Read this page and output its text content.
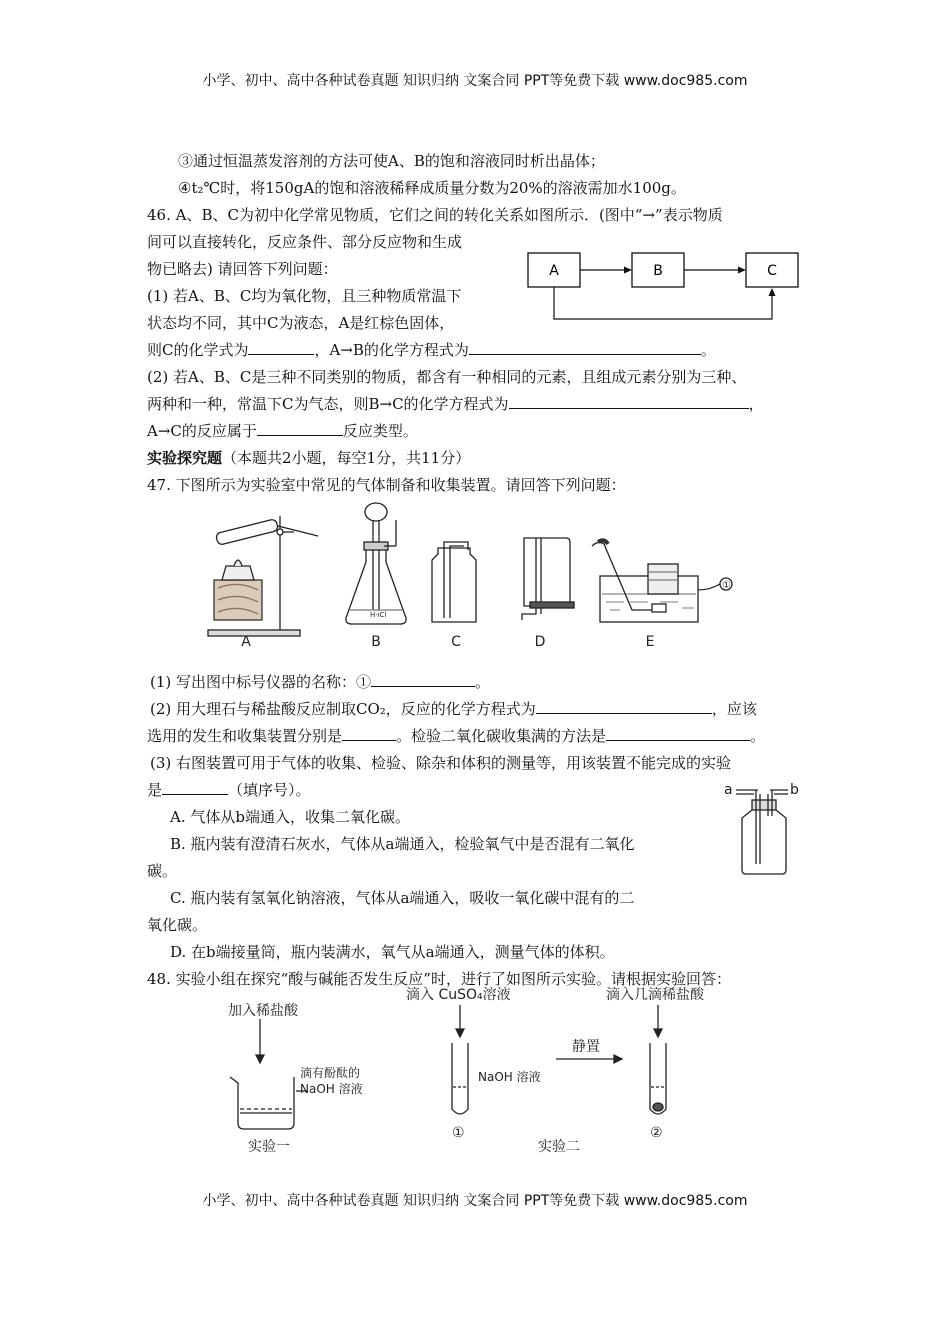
小学、初中、高中各种试卷真题 知识归纳 文案合同 PPT等免费下载 www.doc985.com
③通过恒温蒸发溶剂的方法可使A、B的饱和溶液同时析出晶体；
④t₂℃时，将150gA的饱和溶液稀释成质量分数为20%的溶液需加水100g。
46. A、B、C为初中化学常见物质，它们之间的转化关系如图所示．(图中“→”表示物质
间可以直接转化，反应条件、部分反应物和生成
物已略去) 请回答下列问题：
(1) 若A、B、C均为氧化物，且三种物质常温下
状态均不同，其中C为液态，A是红棕色固体，
则C的化学式为	，A→B的化学方程式为	。
(2) 若A、B、C是三种不同类别的物质，都含有一种相同的元素，且组成元素分别为三种、
两种和一种，常温下C为气态，则B→C的化学方程式为	，
A→C的反应属于	反应类型。
A	B	C
实验探究题（本题共2小题，每空1分，共11分）
47. 下图所示为实验室中常见的气体制备和收集装置。请回答下列问题：
H·ıCl
①
A	B	C	D	E
(1) 写出图中标号仪器的名称：①	。
(2) 用大理石与稀盐酸反应制取CO₂，反应的化学方程式为	，应该
选用的发生和收集装置分别是	。检验二氧化碳收集满的方法是	。
(3) 右图装置可用于气体的收集、检验、除杂和体积的测量等，用该装置不能完成的实验
是	（填序号）。
A. 气体从b端通入，收集二氧化碳。
B. 瓶内装有澄清石灰水，气体从a端通入，检验氧气中是否混有二氧化
碳。
C. 瓶内装有氢氧化钠溶液，气体从a端通入，吸收一氧化碳中混有的二
氧化碳。
D. 在b端接量筒，瓶内装满水，氧气从a端通入，测量气体的体积。
a	b
48. 实验小组在探究“酸与碱能否发生反应”时，进行了如图所示实验。请根据实验回答：
加入稀盐酸
滴有酚酞的
NaOH 溶液
实验一
滴入 CuSO₄溶液
NaOH 溶液
静置
滴入几滴稀盐酸
①	②
实验二
小学、初中、高中各种试卷真题 知识归纳 文案合同 PPT等免费下载 www.doc985.com
